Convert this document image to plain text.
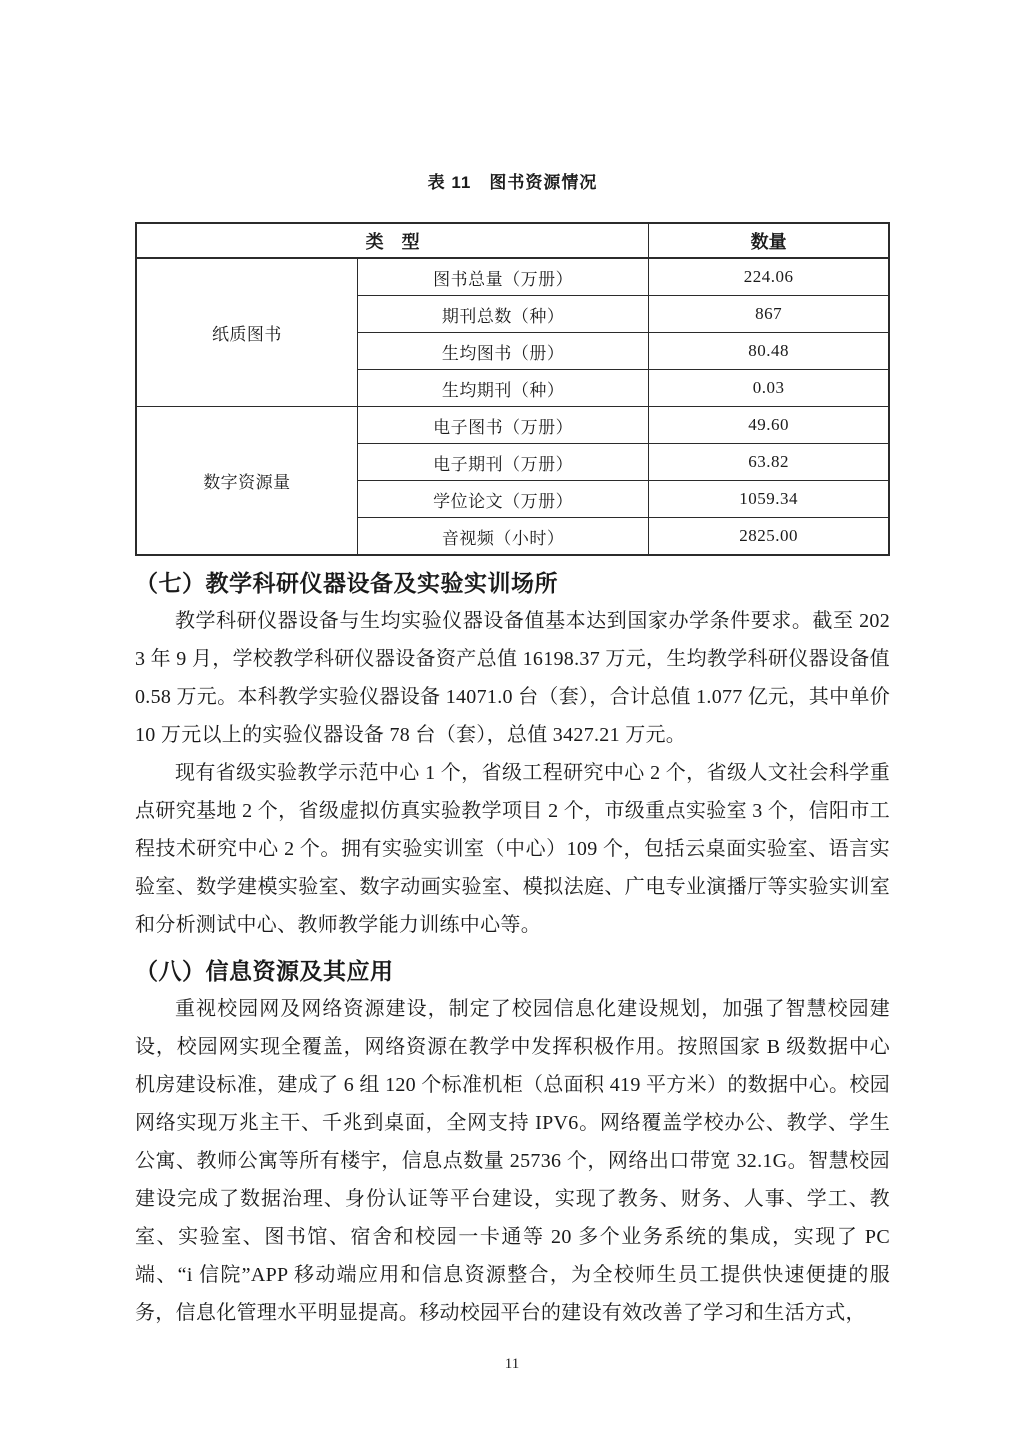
表 11　图书资源情况
类　型		数量
纸质图书	图书总量（万册）	224.06
	期刊总数（种）	867
	生均图书（册）	80.48
	生均期刊（种）	0.03
数字资源量	电子图书（万册）	49.60
	电子期刊（万册）	63.82
	学位论文（万册）	1059.34
	音视频（小时）	2825.00
（七）教学科研仪器设备及实验实训场所

教学科研仪器设备与生均实验仪器设备值基本达到国家办学条件要求。截至 2023 年 9 月，学校教学科研仪器设备资产总值 16198.37 万元，生均教学科研仪器设备值 0.58 万元。本科教学实验仪器设备 14071.0 台（套），合计总值 1.077 亿元，其中单价 10 万元以上的实验仪器设备 78 台（套），总值 3427.21 万元。

现有省级实验教学示范中心 1 个，省级工程研究中心 2 个，省级人文社会科学重点研究基地 2 个，省级虚拟仿真实验教学项目 2 个，市级重点实验室 3 个，信阳市工程技术研究中心 2 个。拥有实验实训室（中心）109 个，包括云桌面实验室、语言实验室、数学建模实验室、数字动画实验室、模拟法庭、广电专业演播厅等实验实训室和分析测试中心、教师教学能力训练中心等。

（八）信息资源及其应用

重视校园网及网络资源建设，制定了校园信息化建设规划，加强了智慧校园建设，校园网实现全覆盖，网络资源在教学中发挥积极作用。按照国家 B 级数据中心机房建设标准，建成了 6 组 120 个标准机柜（总面积 419 平方米）的数据中心。校园网络实现万兆主干、千兆到桌面，全网支持 IPV6。网络覆盖学校办公、教学、学生公寓、教师公寓等所有楼宇，信息点数量 25736 个，网络出口带宽 32.1G。智慧校园建设完成了数据治理、身份认证等平台建设，实现了教务、财务、人事、学工、教室、实验室、图书馆、宿舍和校园一卡通等 20 多个业务系统的集成，实现了 PC 端、“i 信院”APP 移动端应用和信息资源整合，为全校师生员工提供快速便捷的服务，信息化管理水平明显提高。移动校园平台的建设有效改善了学习和生活方式，

11
